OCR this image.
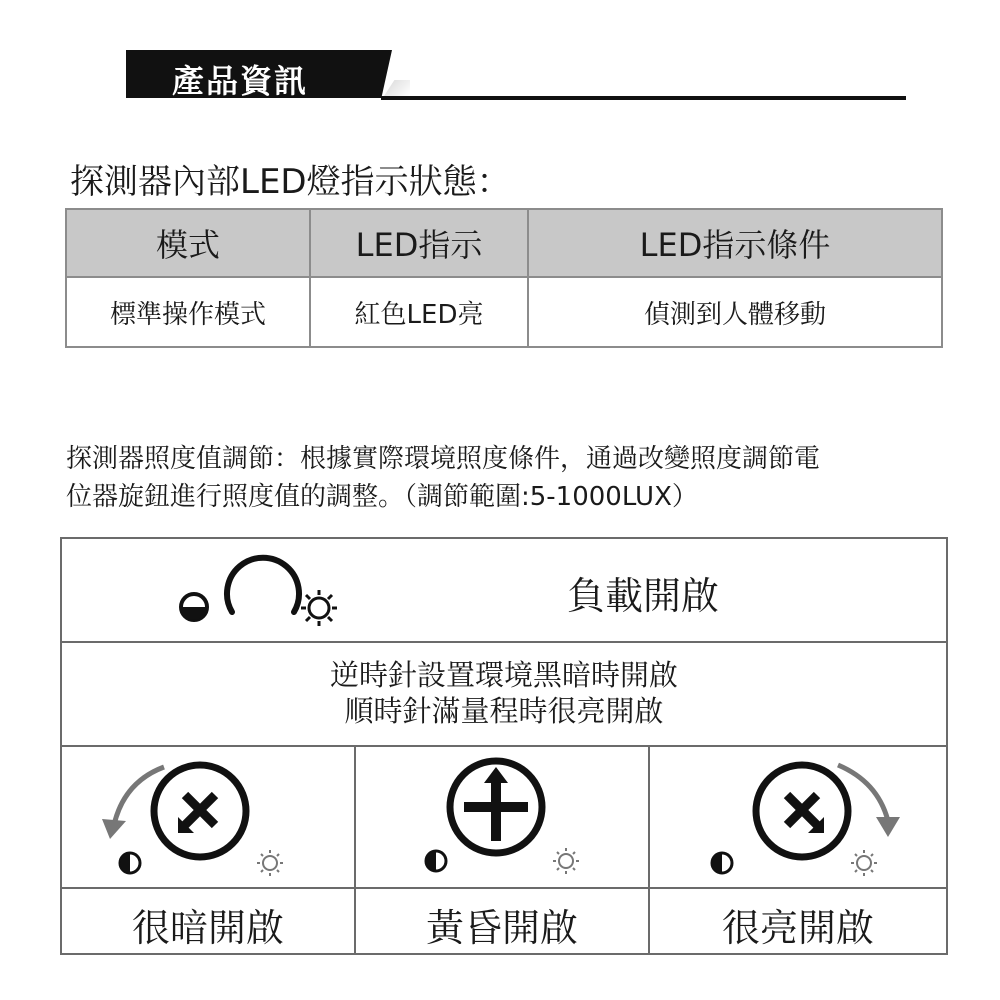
產品資訊
探測器內部LED燈指示狀態：
模式	LED指示	LED指示條件
標準操作模式	紅色LED亮	偵測到人體移動
探測器照度值調節：根據實際環境照度條件，通過改變照度調節電
位器旋鈕進行照度值的調整。（調節範圍:5-1000LUX）
負載開啟
逆時針設置環境黑暗時開啟
順時針滿量程時很亮開啟
很暗開啟	黃昏開啟	很亮開啟
